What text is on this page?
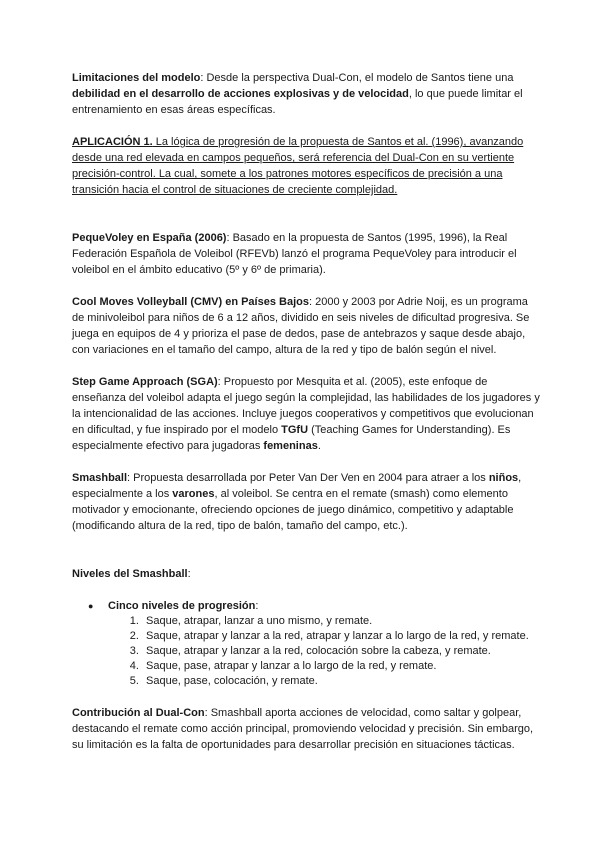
Limitaciones del modelo: Desde la perspectiva Dual-Con, el modelo de Santos tiene una debilidad en el desarrollo de acciones explosivas y de velocidad, lo que puede limitar el entrenamiento en esas áreas específicas.

APLICACIÓN 1. La lógica de progresión de la propuesta de Santos et al. (1996), avanzando desde una red elevada en campos pequeños, será referencia del Dual-Con en su vertiente precisión-control. La cual, somete a los patrones motores específicos de precisión a una transición hacia el control de situaciones de creciente complejidad.

PequeVoley en España (2006): Basado en la propuesta de Santos (1995, 1996), la Real Federación Española de Voleibol (RFEVb) lanzó el programa PequeVoley para introducir el voleibol en el ámbito educativo (5º y 6º de primaria).

Cool Moves Volleyball (CMV) en Países Bajos: 2000 y 2003 por Adrie Noij, es un programa de minivoleibol para niños de 6 a 12 años, dividido en seis niveles de dificultad progresiva. Se juega en equipos de 4 y prioriza el pase de dedos, pase de antebrazos y saque desde abajo, con variaciones en el tamaño del campo, altura de la red y tipo de balón según el nivel.

Step Game Approach (SGA): Propuesto por Mesquita et al. (2005), este enfoque de enseñanza del voleibol adapta el juego según la complejidad, las habilidades de los jugadores y la intencionalidad de las acciones. Incluye juegos cooperativos y competitivos que evolucionan en dificultad, y fue inspirado por el modelo TGfU (Teaching Games for Understanding). Es especialmente efectivo para jugadoras femeninas.

Smashball: Propuesta desarrollada por Peter Van Der Ven en 2004 para atraer a los niños, especialmente a los varones, al voleibol. Se centra en el remate (smash) como elemento motivador y emocionante, ofreciendo opciones de juego dinámico, competitivo y adaptable (modificando altura de la red, tipo de balón, tamaño del campo, etc.).

Niveles del Smashball:

●	Cinco niveles de progresión:
1. Saque, atrapar, lanzar a uno mismo, y remate.
2. Saque, atrapar y lanzar a la red, atrapar y lanzar a lo largo de la red, y remate.
3. Saque, atrapar y lanzar a la red, colocación sobre la cabeza, y remate.
4. Saque, pase, atrapar y lanzar a lo largo de la red, y remate.
5. Saque, pase, colocación, y remate.

Contribución al Dual-Con: Smashball aporta acciones de velocidad, como saltar y golpear, destacando el remate como acción principal, promoviendo velocidad y precisión. Sin embargo, su limitación es la falta de oportunidades para desarrollar precisión en situaciones tácticas.
